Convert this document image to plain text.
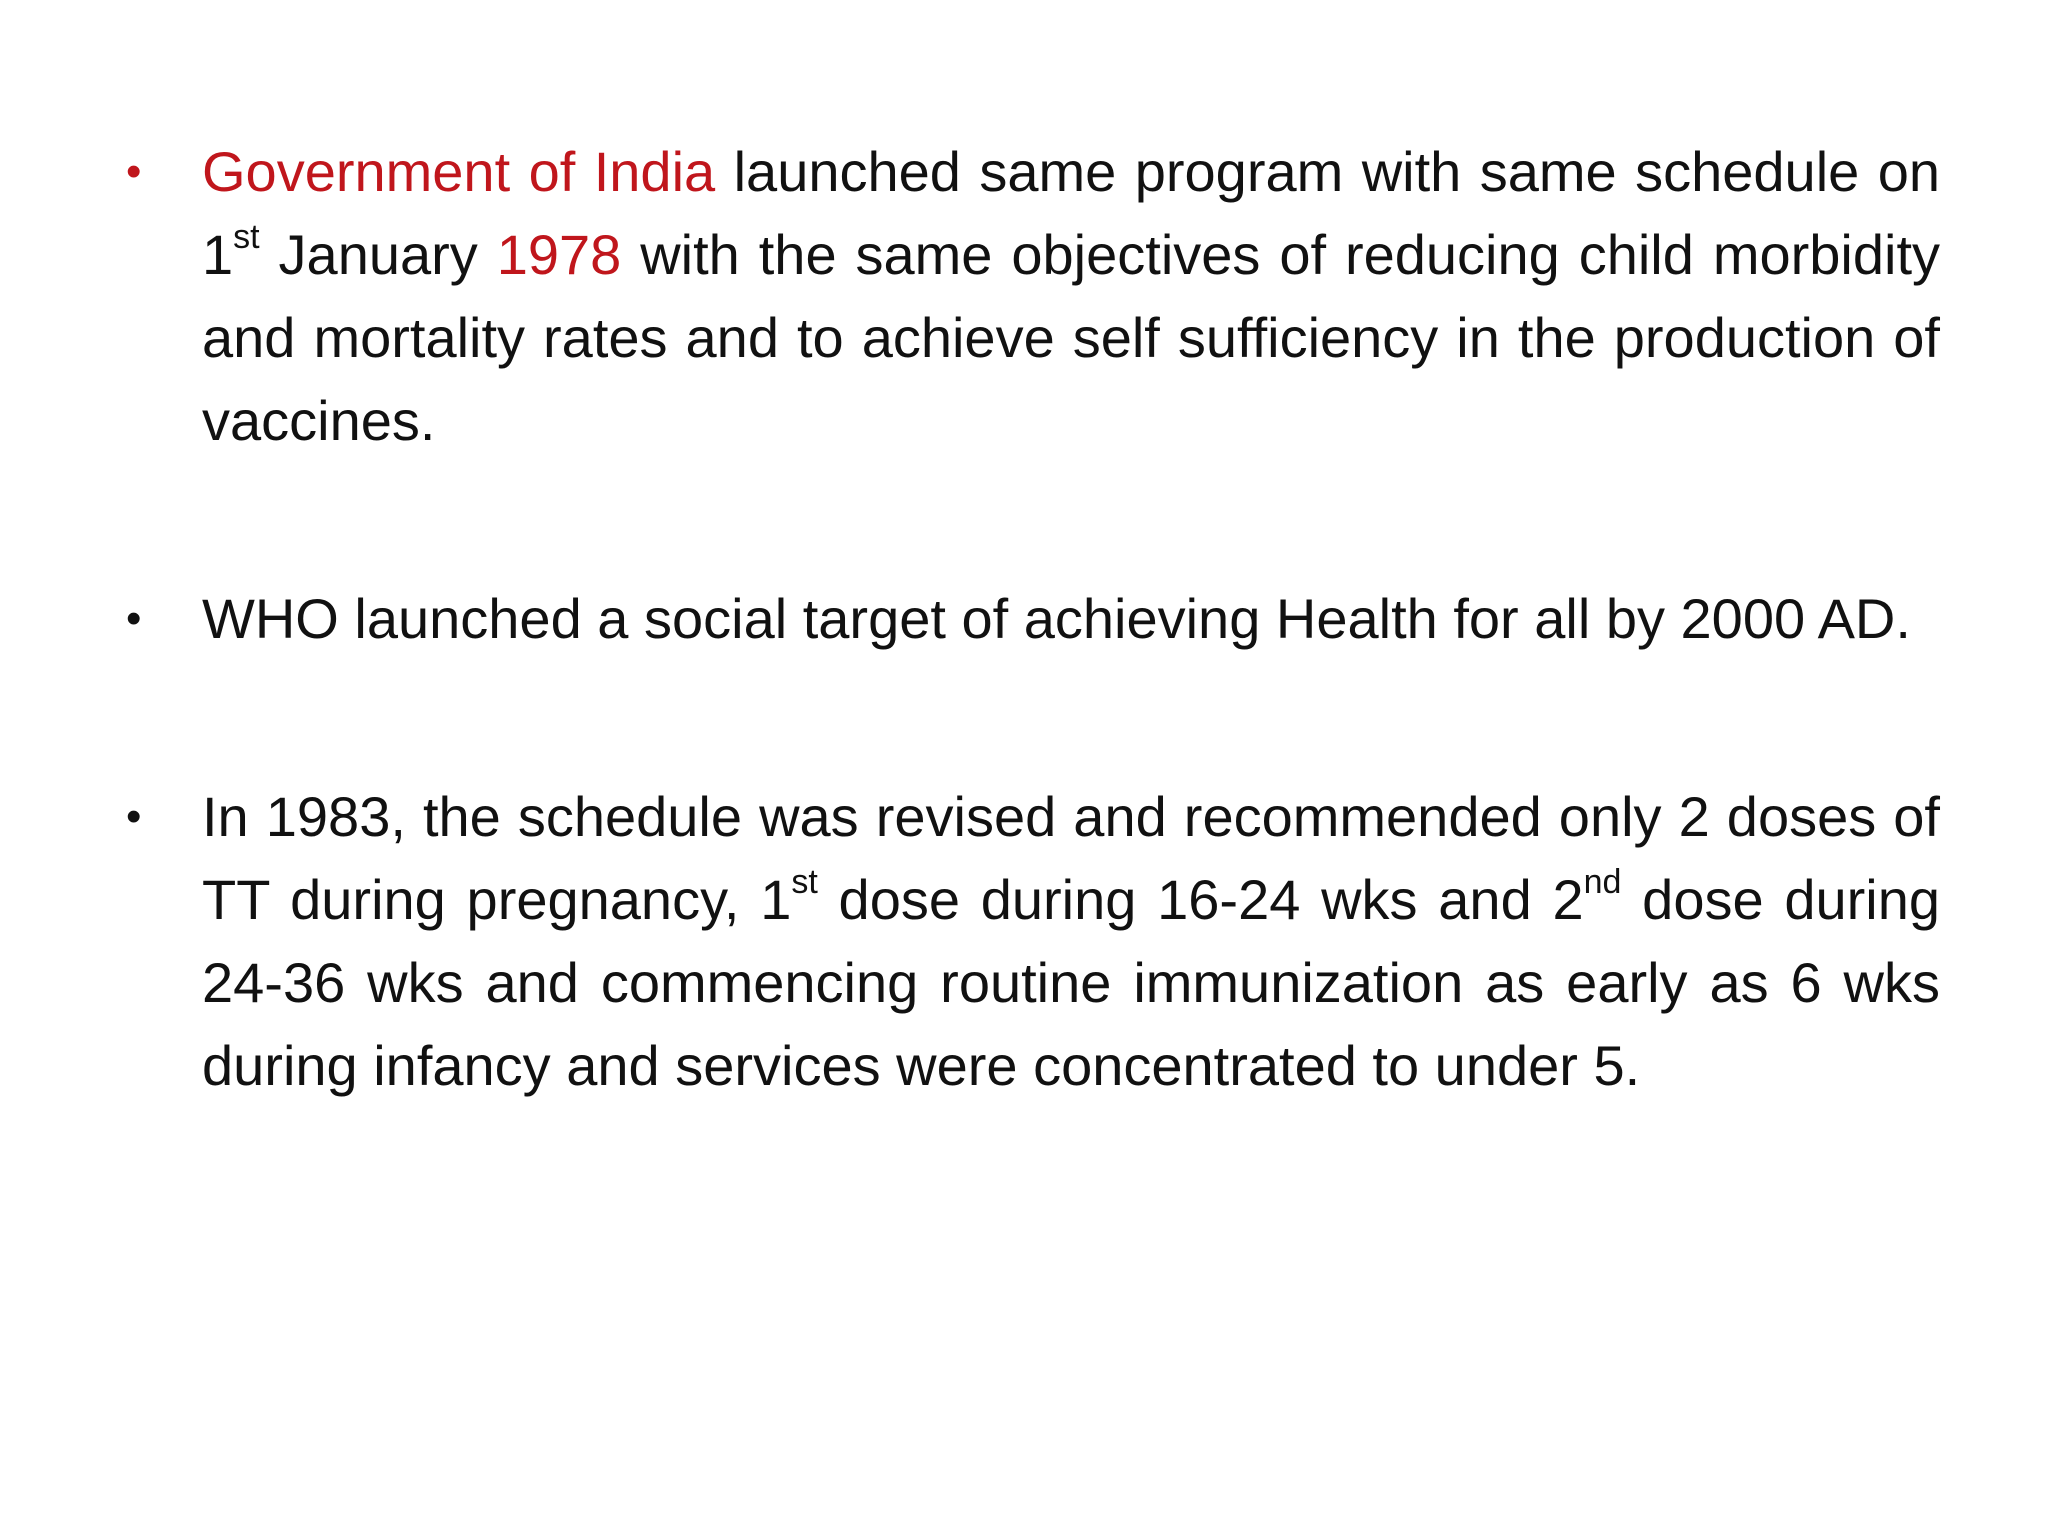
• Government of India launched same program with same schedule on 1st January 1978 with the same objectives of reducing child morbidity and mortality rates and to achieve self sufficiency in the production of vaccines.
• WHO launched a social target of achieving Health for all by 2000 AD.
• In 1983, the schedule was revised and recommended only 2 doses of TT during pregnancy, 1st dose during 16-24 wks and 2nd dose during 24-36 wks and commencing routine immunization as early as 6 wks during infancy and services were concentrated to under 5.
